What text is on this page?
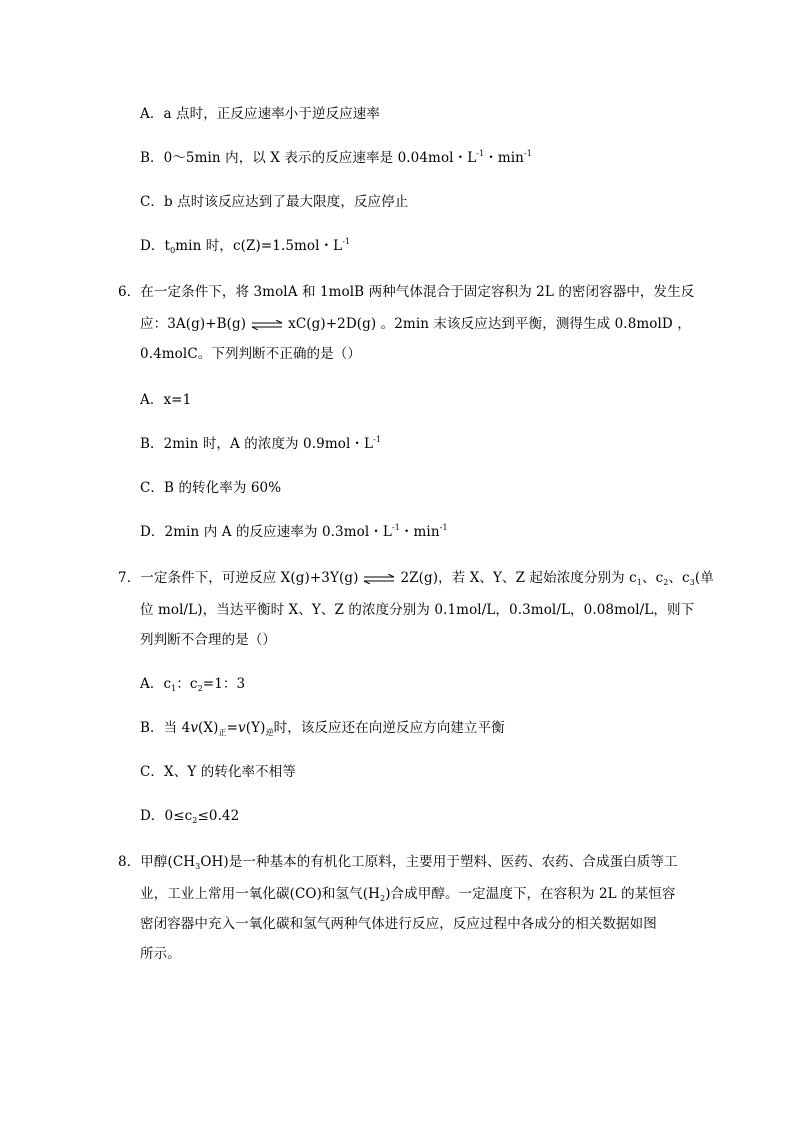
A．a 点时，正反应速率小于逆反应速率
B．0～5min 内，以 X 表示的反应速率是 0.04mol・$L^{-1}$・$\min^{-1}$
C．b 点时该反应达到了最大限度，反应停止
D．$t_0\min$ 时，c(Z)=1.5mol・$L^{-1}$
6．在一定条件下，将 3molA 和 1molB 两种气体混合于固定容积为 2L 的密闭容器中，发生反
应：3A(g)+B(g) ⇌ xC(g)+2D(g) 。2min 末该反应达到平衡，测得生成 0.8molD ，
0.4molC。下列判断不正确的是（）
A．x=1
B．2min 时，A 的浓度为 0.9mol・$L^{-1}$
C．B 的转化率为 60%
D．2min 内 A 的反应速率为 0.3mol・$L^{-1}$・$\min^{-1}$
7．一定条件下，可逆反应 X(g)+3Y(g) ⇌ 2Z(g)，若 X、Y、Z 起始浓度分别为 $c_1$、$c_2$、$c_3$(单
位 mol/L)，当达平衡时 X、Y、Z 的浓度分别为 0.1mol/L，0.3mol/L，0.08mol/L，则下
列判断不合理的是（）
A．$c_1$：$c_2=1$：3
B．当 $4v(X)_正=v(Y)_逆$时，该反应还在向逆反应方向建立平衡
C．X、Y 的转化率不相等
D．$0\le c_2\le 0.42$
8．甲醇$(CH_3OH)$是一种基本的有机化工原料，主要用于塑料、医药、农药、合成蛋白质等工
业，工业上常用一氧化碳(CO)和氢气$(H_2)$合成甲醇。一定温度下，在容积为 2L 的某恒容
密闭容器中充入一氧化碳和氢气两种气体进行反应，反应过程中各成分的相关数据如图
所示。
